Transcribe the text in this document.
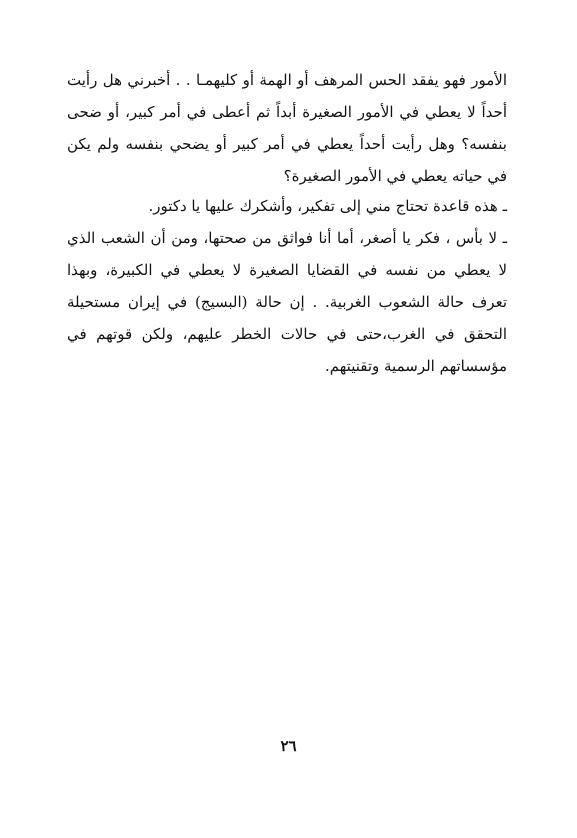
الأمور فهو يفقد الحس المرهف أو الهمة أو كليهمـا . . أخبرني هل رأيت أحداً لا يعطي في الأمور الصغيرة أبداً ثم أعطى في أمر كبير، أو ضحى بنفسه؟ وهل رأيت أحداً يعطي في أمر كبير أو يضحي بنفسه ولم يكن في حياته يعطي في الأمور الصغيرة؟

ـ هذه قاعدة تحتاج مني إلى تفكير، وأشكرك عليها يا دكتور.

ـ لا بأس ، فكر يا أصغر، أما أنا فواثق من صحتها، ومن أن الشعب الذي لا يعطي من نفسه في القضايا الصغيرة لا يعطي في الكبيرة، وبهذا تعرف حالة الشعوب الغربية. . إن حالة (البسيج) في إيران مستحيلة التحقق في الغرب،حتى في حالات الخطر عليهم، ولكن قوتهم في مؤسساتهم الرسمية وتقنيتهم.

٢٦
